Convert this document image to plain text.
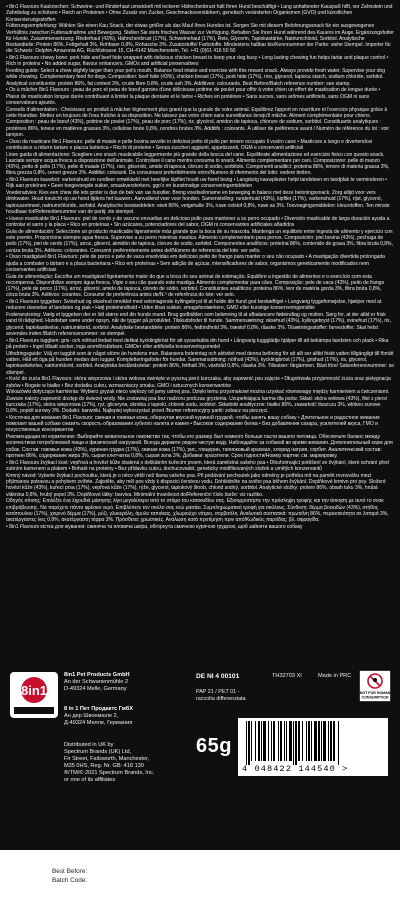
• 8in1 Flavours Kauknochen: Schweine- und Rinderhaut umwickelt mit leckerer Hähnchenbrust hält Ihren Hund beschäftigt • Lang anhaltender Kauspaß hilft, vor Zahnstein und Zahnbelag zu schützen • Reich an Proteinen • Ohne Zusatz von Zucker, Geschmacksverstärkern, genetisch veränderten Organismen (GVO) und künstlichen Konservierungsstoffen

Fütterungsempfehlung: Wählen Sie einen Kau Snack, der etwas größer als das Maul Ihres Hundes ist. Sorgen Sie mit diesem Belohnungssnack für ein ausgewogenes Verhältnis zwischen Futteraufnahme und Bewegung. Stellen Sie stets frisches Wasser zur Verfügung. Behalten Sie Ihren Hund während des Kauens im Auge. Ergänzungsfutter für Hunde. Zusammensetzung: Rinderhaut (43%), Hähnchenbrust (17%), Schweinehaut (17%), Reis, Glycerin, Tapiokastärke, Natriumchlorid, Sorbitol. Analytische Bestandteile: Protein 86%, Fettgehalt 3%, Rohfaser 0,8%, Rohasche 3%. Zusatzstoffe/ Farbstoffe. Mindestens haltbar bis/Kennnummer der Partie: siehe Stempel. Importer für die Schweiz: Delphin Amazonia AG, Rüchlistrasse 15, CH-4142 Münchenstein, Tel. +41 (0)61 416 50 50

• 8in1 Flavours chewy bone: pork hide and beef hide wrapped with delicious chicken breast to keep your dog busy • Long lasting chewing fun helps tartar and plaque control • Rich in proteins • No added sugar, flavour enhancers, GMOs and artificial preservatives

Feeding guide: Select a chew slightly larger than your pet's mouth. Balance food intake and exercise with this reward snack. Always provide fresh water. Supervise your dog while chewing. Complementary feed for dogs. Composition: beef hide (43%), chicken breast (17%), pork hide (17%), rice, glycerol, tapioca starch, sodium chloride, sorbitol. Analytical constituents: protein 86%, fat content 3%, crude fibre 0.8%, crude ash 3%. Additives: colourants. Best Before/Batch reference number: see stamp.

• Os à mâcher 8in1 Flavours : peau de porc et peau de bœuf garnies d'une délicieuse poitrine de poulet pour offrir à votre chien un effort de mastication de longue durée • Plaisir de mastication longue durée contribuant à limiter la plaque dentaire et le tartre • Riches en protéines • Sans sucres, sans arômes artificiels, sans OGM ni sans conservateurs ajoutés.

Conseils d'alimentation : Choisissez un produit à mâcher légèrement plus grand que la gueule de votre animal. Equilibrez l'apport en nourriture et l'exercice physique grâce à cette friandise. Mettez en toujours de l'eau fraîche à sa disposition. Ne laissez pas votre chien sans surveillance lorsqu'il mâche. Aliment complémentaire pour chiens. Composition : peau de bœuf (43%), poitrine de poulet (17%), peau de porc (17%), riz, glycérol, amidon de tapioca, chlorure de sodium, sorbitol. Constituants analytiques : protéines 86%, teneur en matières grasses 3%, cellulose brute 0,8%, cendres brutes 3%. Additifs : colorants. À utiliser de préférence avant / Numéro de référence du lot : voir tampon.

• Osso da masticare 8in1 Flavours: pelle di maiale e pelle bovina avvolte in deliziosi petto di pollo per tenere occupato il vostro cane • Masticare a lungo e divertendosi contribuisce a ridurre tartaro e placca batterica • Ricchi di proteine • Senza zuccheri aggiunti, appetizzanti, OGM e conservanti artificiali

Linee guida di alimentazione: Scegliere uno snack masticabile leggermente più grande della bocca del cane. Equilibrate alimentazione ed esercizio fisico con questo snack. Lasciate sempre acqua fresca a disposizione dell'animale. Controllare il cane mentre consuma lo snack. Alimento complementare per cani. Composizione: pelle di manzo (43%), petto di pollo (17%), pelle di maiale (17%), riso, glicerolo, amido di tapioca, cloruro di sodio, sorbitolo. Componenti analitici: proteina 86%, tenore di materia grassa 3%, fibra grezza 0,8%, ceneri grezze 3%. Additivi: coloranti. Da consumarsi preferibilmente entro/Numero di riferimento del lotto: vedere timbro.

• 8in1 Flavours kauwbot: varkenshuid en rundleer omwikkeld met heerlijke kipfilet houdt uw hond bezig • Langdurig kauwplezier helpt tandsteen en tandplak te verminderen • Rijk aan proteïnen • Geen toegevoegde suiker, smaakversterkers, ggo's en kunstmatige conserveringsmiddelen

Voederadvies: Kies een chew die iets groter is dan de bek van uw huisdier. Breng voedselinname en beweging in balans met deze beloningssnack. Zorg altijd voor vers drinkwater. Houd toezicht op uw hond tijdens het kauwen. Aanvullend voer voor honden. Samenstelling: runderhuid (43%), kipfilet (17%), varkenshuid (17%), rijst, glycerol, tapiocazetmeel, natriumchloride, sorbitol. Analytische bestanddelen: eiwit 86%, vetgehalte 3%, ruwe celstof 0,8%, ruwe as 3%. Toevoegingsmiddelen: kleurstoffen. Ten minste houdbaar tot/Referentienummer van de partij: zie stempel.

• Hueso masticable 8in1 Flavours: piel de cerdo y de vacuno envueltas en delicioso pollo para mantener a su perro ocupado • Diversión masticable de larga duración ayuda a controlar el sarro y la placa • Rico en proteínas • Sin azúcares, potenciadores del sabor, OGM ni conservantes artificiales añadidos

Guía de alimentación: Seleccione un producto masticable ligeramente más grande que la boca de su mascota. Mantenga un equilibrio entre ingesta de alimento y ejercicio con este premio. Proporcione siempre agua fresca. Supervise a su perro mientras mastica. Alimento complementario para perros. Composición: piel bovina (43%), pechuga de pollo (17%), piel de cerdo (17%), arroz, glicerol, almidón de tapioca, cloruro de sodio, sorbitol. Componentes analíticos: proteína 86%, contenido de grasa 3%, fibra bruta 0,8%, ceniza bruta 3%. Aditivos: colorantes. Consumir preferentemente antes del/Número de referencia del lote: ver sello.

• Osso mastigável 8in1 Flavours: pele de porco e pele de vaca envolvidas em delicioso peito de frango para manter o seu cão ocupado • A mastigação divertida prolongada ajuda a combater o tártaro e a placa bacteriana • Rico em proteínas • Sem adição de açúcar, intensificadores de sabor, organismos geneticamente modificados nem conservantes artificiais

Guia de alimentação: Escolha um mastigável ligeiramente maior do que a boca do seu animal de estimação. Equilibre a ingestão de alimentos e o exercício com esta recompensa. Disponibilize sempre água fresca. Vigie o seu cão quando este mastiga. Alimento complementar para cães. Composição: pele de vaca (43%), peito de frango (17%), pele de porco (17%), arroz, glicerol, amido de tapioca, cloreto de sódio, sorbitol. Constituintes analíticos: proteína 86%, teor de matéria gorda 3%, fibra bruta 0,8%, cinza bruta 3%. Aditivos: corantes. Consumir de preferência antes de/N.º de referência do lote: ver selo.

• 8in1 Flavours tyggeben: Svinehud og oksehud omviklet med velsmagende kyllingebryst til at holde din hund god beskæftiget • Langvarig tyggefornøjelse, hjælper med at reducere dannelse af tandsten og plak • Højt proteinindhold • Uden tilsat sukker, smagsforstærkere, GMO eller kunstige konserveringsmidler

Foderanvisning: Vælg et tyggeben der er lidt større end din hunds mund. Brug godbidden som belønning til at afbalancere fødeindtag og motion. Sørg for, at der altid er frisk vand til rådighed. Hundebør være under opsyn, når de tygger på produktet. Tilskudsfoder til hunde. Sammensætning: oksehud (43%), kyllingebryst (17%), svinehud (17%), ris, glycerol, tapiokastivelse, natriumklorid, sorbitol. Analytiske bestanddele: protein 86%, fedtindhold 3%, træstof 0,8%, råaske 3%. Tilsætningsstoffer: farvestoffer. Skal helst anvendes inden:/Batch referencenummer: se stempel.

• 8in1 Flavours tuggben: gris- och nöthud lindad med delikat kycklingbröst för att sysselsätta din hund • Långvarig tuggglädje hjälper till att bekämpa tandsten och plack • Rika på protein • Inget tillsatt socker, inga aromförstärkare, GMOer eller artificiella konserveringsmedel

Utfodringsguide: Välj en tuggbit som är något större än hundens mun. Balansera foderintag och aktivitet med denna belöning för att allt ser alltid friskt vatten tillgängligt till förrätt vatten. Håll ett öga på hunden medan den tuggar. Kompletteringsfoder för hundar. Sammansättning: nöthud (43%), kycklingbröst (17%), grishud (17%), ris, glycerol, tapiokastärkelse, natriumklorid, sorbitol. Analytiska beståndsdelar: protein 86%, fetthalt 3%, växttråd 0,8%, råaska 3%. Tillsatser: färgämnen. Bäst före/ Satsreferensnummer: se stämpel.

• Kość do żucia 8in1 Flavours: skóra wieprzowa i skóra wołowa owinięte w pyszną pierś kurczaka, aby zapewnić psu zajęcie • Długotrwała przyjemność żucia oraz pielęgnacja zębów • Bogate w białko • Bez dodatku cukru, wzmacniaczy smaku, GMO i sztucznych konserwantów

Wskazówki dotyczące karmienia: Wybierz gryzak nieco większy od jamy ustnej psa. Dzięki temu przysmakowi można uzyskać równowagę między karmieniem a ćwiczeniami. Zawsze należy zapewnić dostęp do świeżej wody. Nie zostawiaj psa bez nadzoru podczas gryzienia. Uzupełniająca karma dla psów. Skład: skóra wołowa (43%), filet z piersi kurczaka (17%), skóra wieprzowa (17%), ryż, gliceryna, skrobia z tapioki, chlorek sodu, sorbitol. Składniki analityczne: białko 86%, zawartość tłuszczu 3%, włókno surowe 0,8%, popiół surowy 3%. Dodatki: barwniki. Najlepiej wykorzystać przed /Numer referencyjny partii: zobacz na pieczęci.

• Косточка для жевания 8in1 Flavours: свиная и говяжья кожа, обернутая вкусной куриной грудкой, чтобы занять вашу собаку • Длительное и радостное жевание помогает вашей собаке снизить скорость образования зубного налета и камня • Высокое содержание белка • Без добавления сахара, усилителей вкуса, ГМО и искусственных консервантов

Рекомендации по кормлению: Выбирайте жевательное лакомство так, чтобы его размер был немного больше пасти вашего питомца. Обеспечьте баланс между количеством потребляемой пищи и физической нагрузкой. Всегда держите рядом чистую воду. Наблюдайте за собакой во время жевания. Дополнительный корм для собак. Состав: говяжья кожа (43%), куриная грудка (17%), свиная кожа (17%), рис, глицерин, тапиоковый крахмал, хлорид натрия, сорбит. Аналитический состав: протеин 86%, содержание жира 3%, сырая клетчатка 0,8%, сырая зола 3%. Добавки: красители. Срок годности/Номер партии: см. маркировку.

• 8in1 Flavours žvýkací kost: vepřová a hovězí kůže obalená s delikátním kuřecím prsem, která zaměstná vašeho psa • Dlouhotrvající potěšení ze žvýkání, které ochrání před zubním kamenem a plakem • Bohaté na proteiny • Bez přídavku cukru, dochucovadel, geneticky modifikovaných složek a umělých konzervantů

Krmný návod: Vyberte žvýkací pochoutku, která je o něco větší než tlama vašeho psa. Při podávání pochoutek jako odměny je potřeba mít na paměti rovnováhu mezi přijímanou potravou a pohybem zvířete. Zajistěte, aby měl pes vždy k dispozici čerstvou vodu. Dohlédněte na svého psa během žvýkání. Doplňkové krmivo pro psy. Složení: hovězí kůže (43%), kuřecí prsa (17%), vepřová kůže (17%), rýže, glycerol, tapiokový škrob, chlorid sodný, sorbitol. Analytické složky: protein 86%, obsah tuku 3%, hrubá vláknina 0,8%, hrubý popel 3%. Doplňkové látky: barviva. Minimální trvanlivost do/Referenční číslo šarže: viz razítko.

Οδηγός σίτισης: Επιλέξτε ένα λιχουδιά μάσησης λίγο μεγαλύτερο από το στόμα του κατοικιδίου σας. Εξισορροπήστε την πρόσληψη τροφής και την άσκηση με αυτό το σνακ επιβράβευσης. Να παρέχετε πάντα φρέσκο νερό. Επιβλέπετε τον σκύλο σας ενώ μασάει. Συμπληρωματική τροφή για σκύλους. Σύνθεση: δέρμα βοοειδών (43%), στήθος κοτόπουλου (17%), χοιρινό δέρμα (17%), ρύζι, γλυκερόλη, άμυλο ταπιόκας, χλωριούχο νάτριο, σορβιτόλη. Αναλυτικά συστατικά: πρωτεΐνη 86%, περιεκτικότητα σε λιπαρά 3%, ακατέργαστες ίνες 0,8%, ακατέργαστη τέφρα 3%. Πρόσθετα: χρωστικές. Ανάλωση κατά προτίμηση πριν από/Κωδικός παρτίδας: βλ. σφραγίδα.

• 8in1 Flavours кістка для жування: свиняча та яловича шкіра, обгорнута смачною курячою грудкою, щоб зайняти вашого собаку

8in1
8in1 Pet Products GmbH
An der Schwanenmühle 2
D-49324 Melle, Germany
8 in 1 Пет Продактс ГмбХ
Ан дер Швонмюле 2,
Д-49324 Мелле, Германия
Distributed in UK by
Spectrum Brands (UK) Ltd,
Fir Street, Failsworth, Manchester,
M35 0HS, Reg. Nr. GB: 418 130
®/TM/© 2021 Spectrum Brands, Inc.
or one of its affiliates
DE NI 4 00101
PAP 21 / PET 01 -
raccolta differenziata
TH32703 XI	Made in PRC
NOT FOR HUMAN
CONSUMPTION
65g
4 048422 144540 >
Best Before:
Batch Code:
